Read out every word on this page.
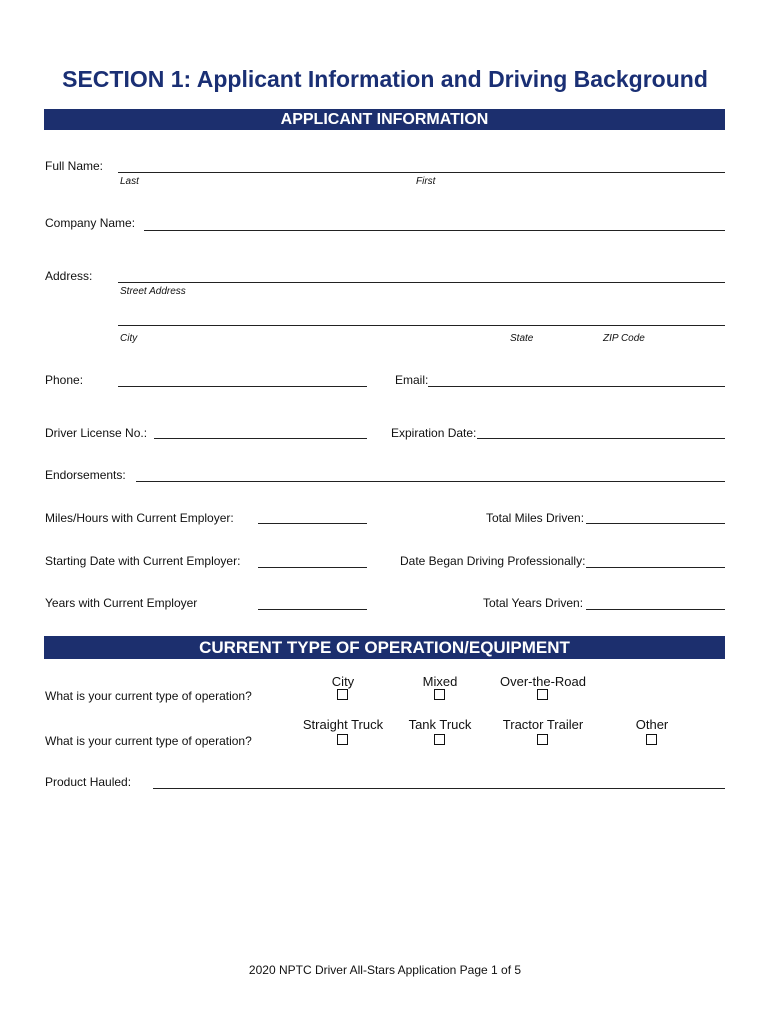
SECTION 1: Applicant Information and Driving Background
APPLICANT INFORMATION
Full Name:
Last	First
Company Name:
Address:
Street Address
City	State	ZIP Code
Phone:	Email:
Driver License No.:	Expiration Date:
Endorsements:
Miles/Hours with Current Employer:	Total Miles Driven:
Starting Date with Current Employer:	Date Began Driving Professionally:
Years with Current Employer	Total Years Driven:
CURRENT TYPE OF OPERATION/EQUIPMENT
City	Mixed	Over-the-Road
What is your current type of operation?
Straight Truck	Tank Truck	Tractor Trailer	Other
What is your current type of operation?
Product Hauled:
2020 NPTC Driver All-Stars Application Page 1 of 5
